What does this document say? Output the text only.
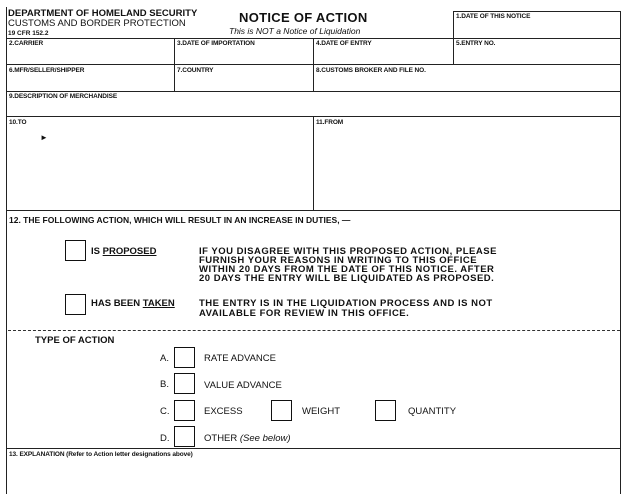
DEPARTMENT OF HOMELAND SECURITY
CUSTOMS AND BORDER PROTECTION
19 CFR 152.2
NOTICE OF ACTION
This is NOT a Notice of Liquidation
1.DATE OF THIS NOTICE
2.CARRIER	3.DATE OF IMPORTATION	4.DATE OF ENTRY	5.ENTRY NO.
6.MFR/SELLER/SHIPPER	7.COUNTRY	8.CUSTOMS BROKER AND FILE NO.
9.DESCRIPTION OF MERCHANDISE
10.TO
►
11.FROM
12. THE FOLLOWING ACTION, WHICH WILL RESULT IN AN INCREASE IN DUTIES, —
IS PROPOSED	IF YOU DISAGREE WITH THIS PROPOSED ACTION, PLEASE
FURNISH YOUR REASONS IN WRITING TO THIS OFFICE
WITHIN 20 DAYS FROM THE DATE OF THIS NOTICE. AFTER
20 DAYS THE ENTRY WILL BE LIQUIDATED AS PROPOSED.
HAS BEEN TAKEN	THE ENTRY IS IN THE LIQUIDATION PROCESS AND IS NOT
AVAILABLE FOR REVIEW IN THIS OFFICE.
TYPE OF ACTION
A.	RATE ADVANCE
B.	VALUE ADVANCE
C.	EXCESS	WEIGHT	QUANTITY
D.	OTHER (See below)
13. EXPLANATION (Refer to Action letter designations above)
